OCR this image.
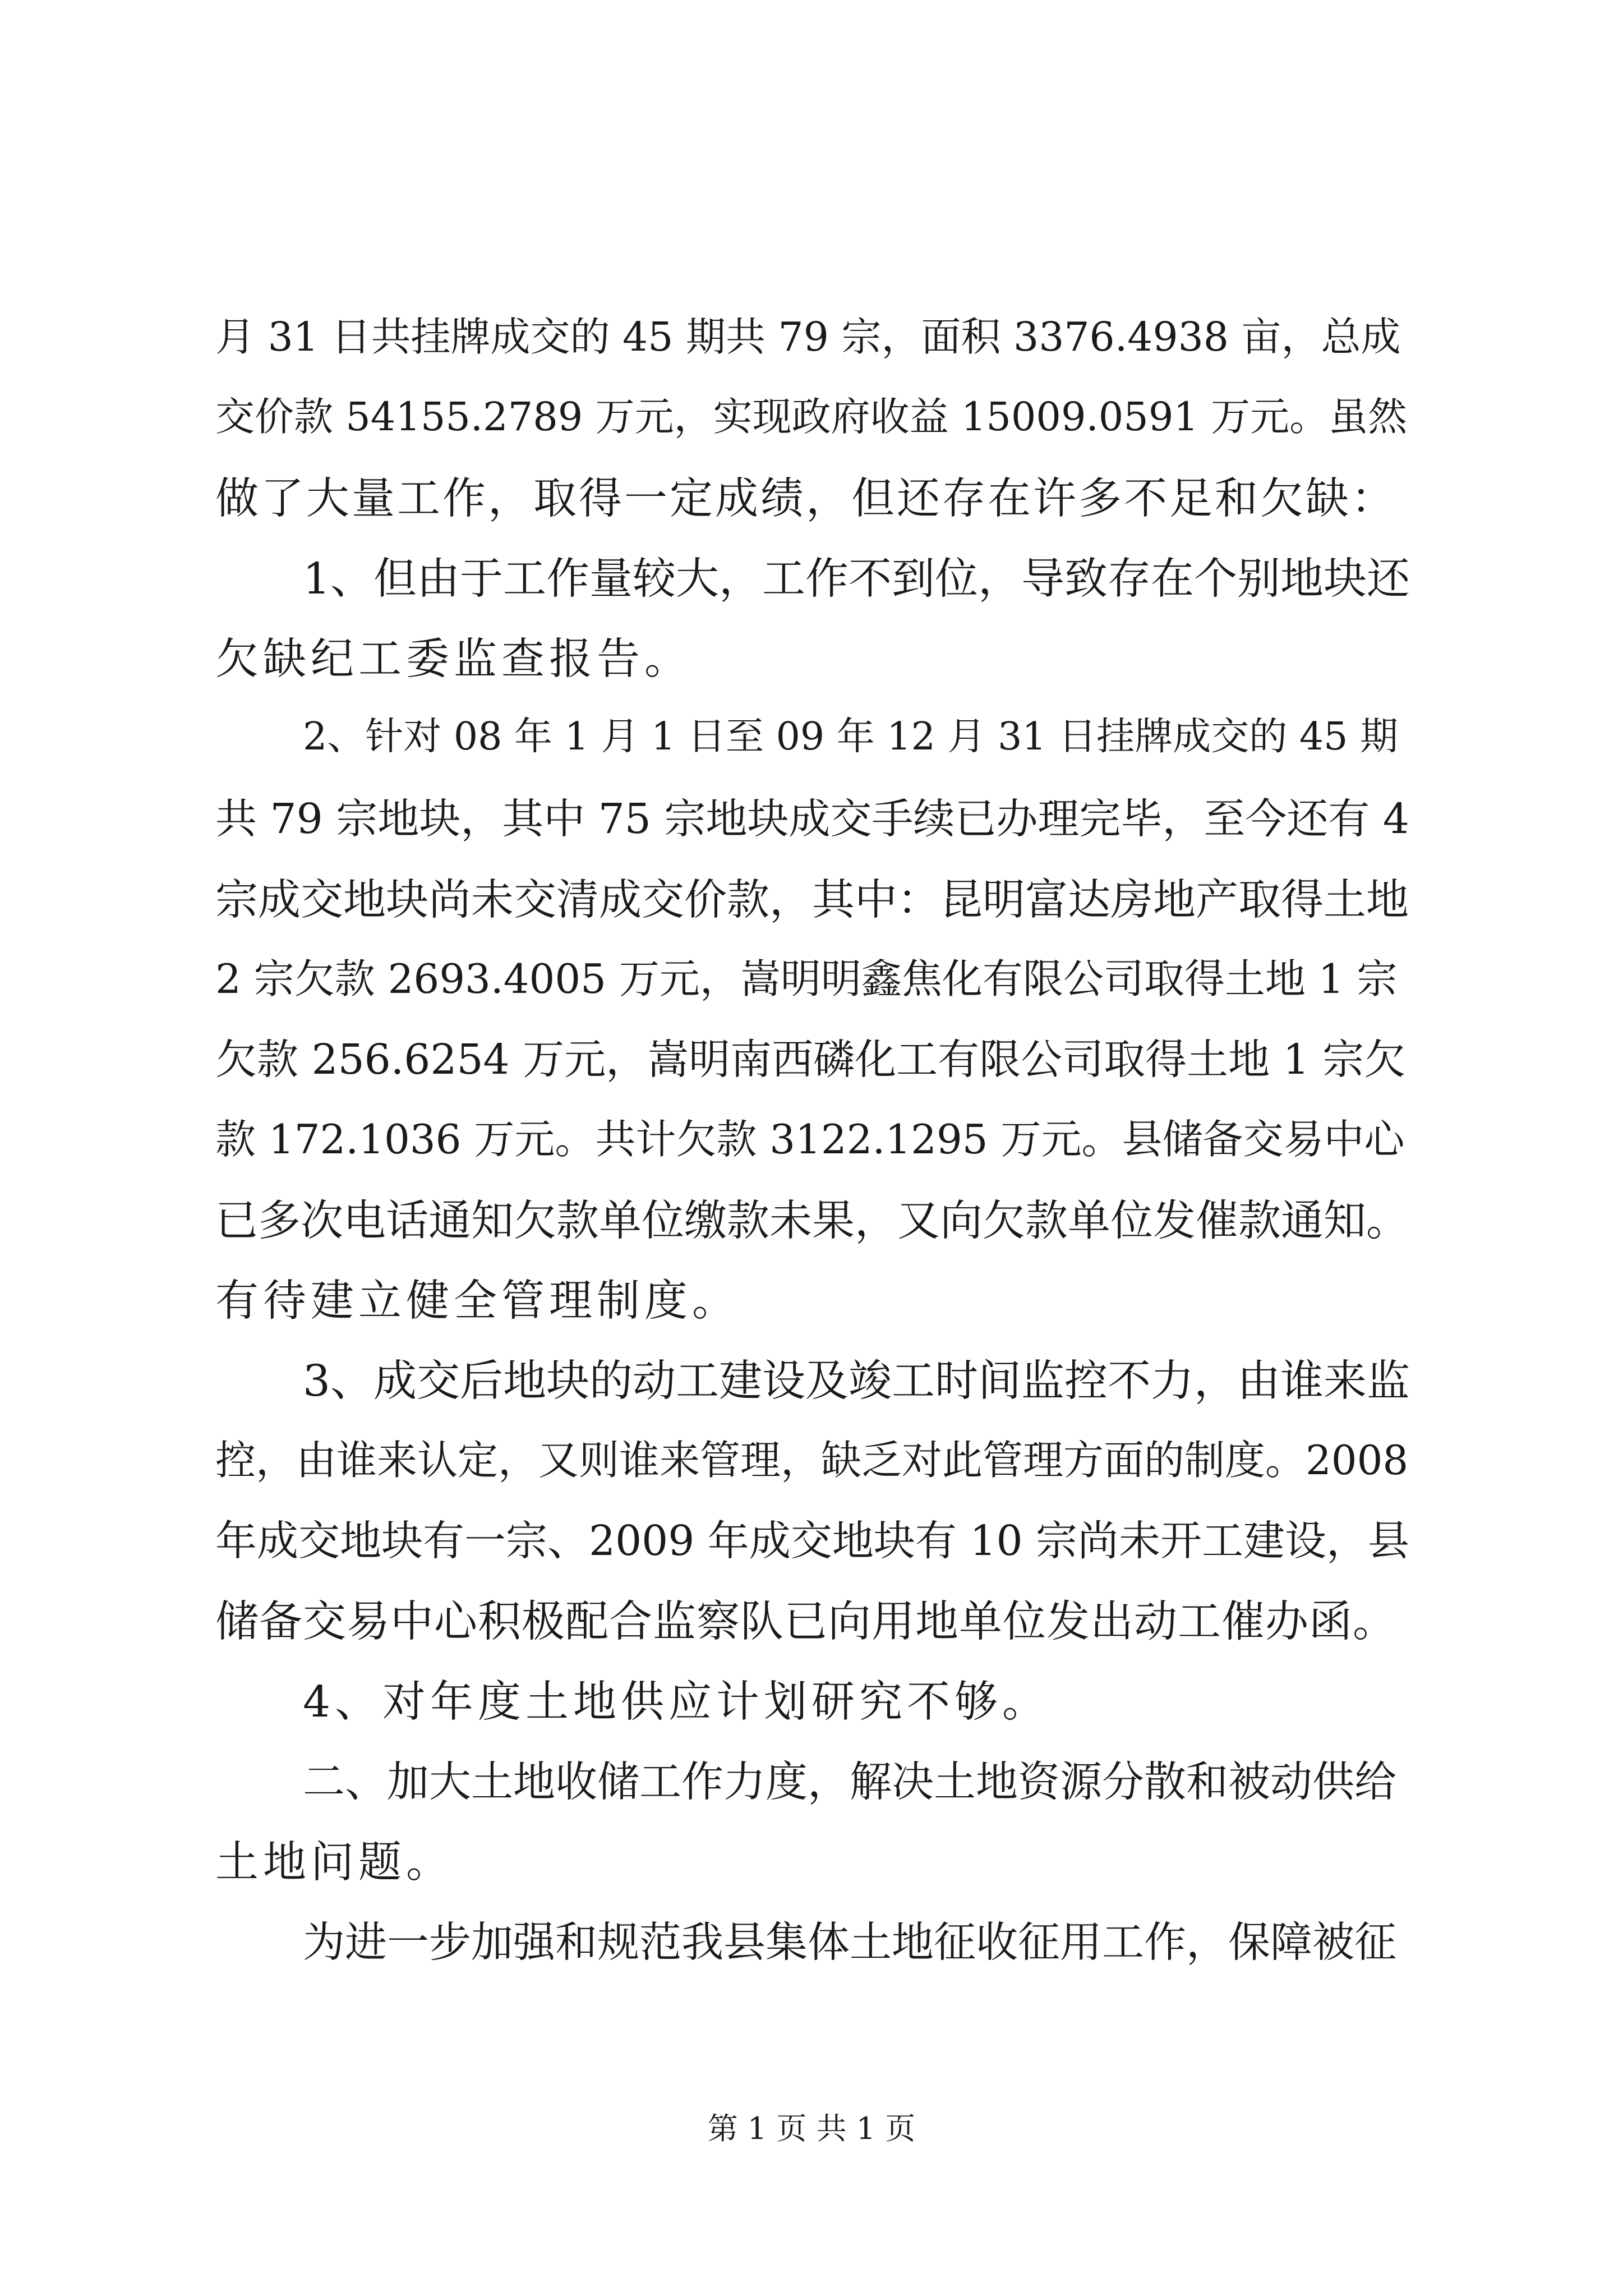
月 31 日共挂牌成交的 45 期共 79 宗，面积 3376.4938 亩，总成
交价款 54155.2789 万元，实现政府收益 15009.0591 万元。虽然
做了大量工作，取得一定成绩，但还存在许多不足和欠缺：
1、但由于工作量较大，工作不到位，导致存在个别地块还
欠缺纪工委监查报告。
2、针对 08 年 1 月 1 日至 09 年 12 月 31 日挂牌成交的 45 期
共 79 宗地块，其中 75 宗地块成交手续已办理完毕，至今还有 4
宗成交地块尚未交清成交价款，其中：昆明富达房地产取得土地
2 宗欠款 2693.4005 万元，嵩明明鑫焦化有限公司取得土地 1 宗
欠款 256.6254 万元，嵩明南西磷化工有限公司取得土地 1 宗欠
款 172.1036 万元。共计欠款 3122.1295 万元。县储备交易中心
已多次电话通知欠款单位缴款未果，又向欠款单位发催款通知。
有待建立健全管理制度。
3、成交后地块的动工建设及竣工时间监控不力，由谁来监
控，由谁来认定，又则谁来管理，缺乏对此管理方面的制度。2008
年成交地块有一宗、2009 年成交地块有 10 宗尚未开工建设，县
储备交易中心积极配合监察队已向用地单位发出动工催办函。
4、对年度土地供应计划研究不够。
二、加大土地收储工作力度，解决土地资源分散和被动供给
土地问题。
为进一步加强和规范我县集体土地征收征用工作，保障被征
第 1 页 共 1 页
